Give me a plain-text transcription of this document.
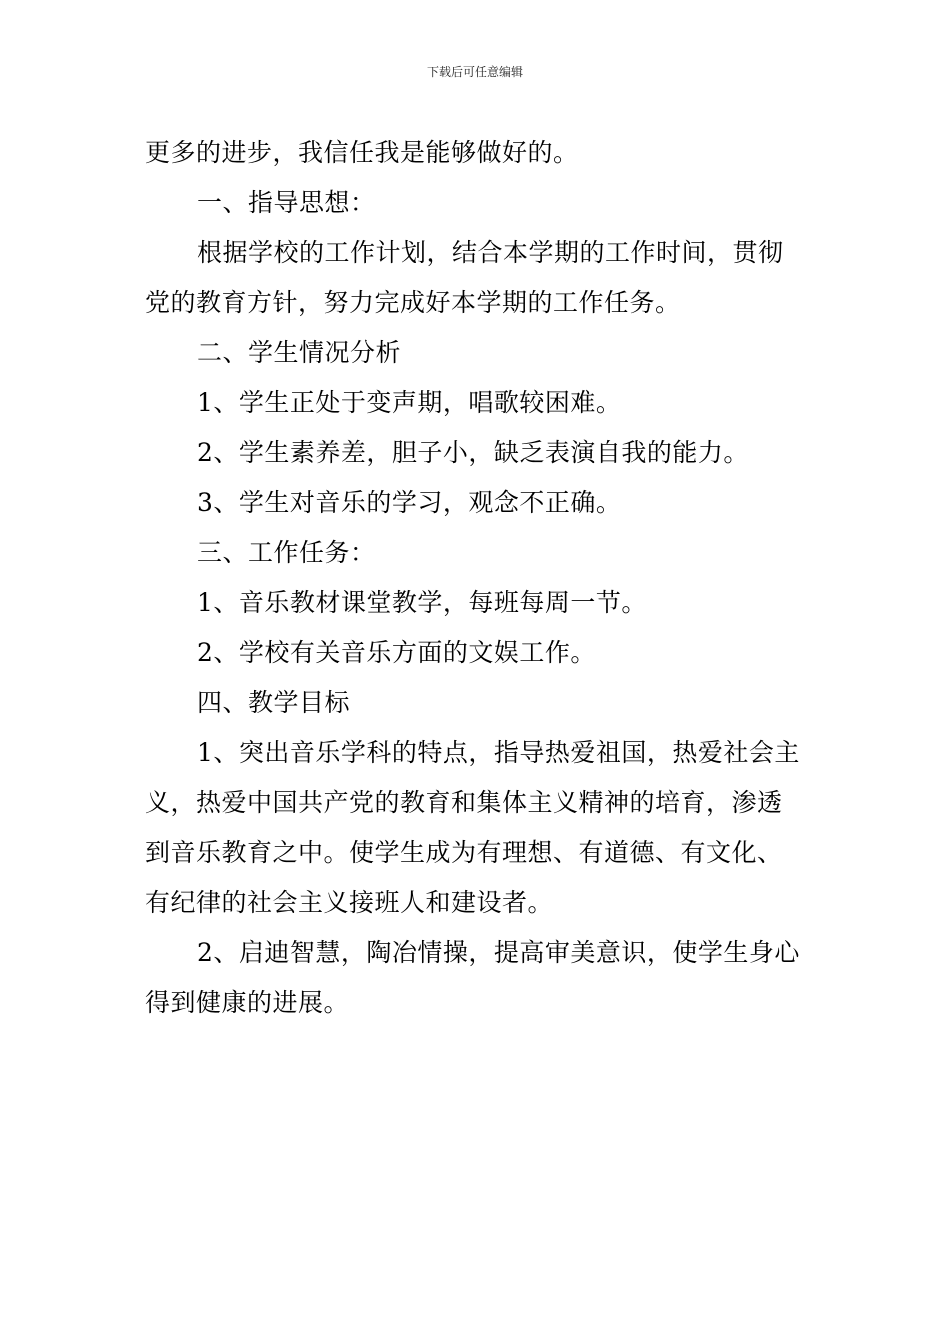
下载后可任意编辑

更多的进步，我信任我是能够做好的。

一、指导思想：

根据学校的工作计划，结合本学期的工作时间，贯彻党的教育方针，努力完成好本学期的工作任务。

二、学生情况分析

1、学生正处于变声期，唱歌较困难。

2、学生素养差，胆子小，缺乏表演自我的能力。

3、学生对音乐的学习，观念不正确。

三、工作任务：

1、音乐教材课堂教学，每班每周一节。

2、学校有关音乐方面的文娱工作。

四、教学目标

1、突出音乐学科的特点，指导热爱祖国，热爱社会主义，热爱中国共产党的教育和集体主义精神的培育，渗透到音乐教育之中。使学生成为有理想、有道德、有文化、有纪律的社会主义接班人和建设者。

2、启迪智慧，陶冶情操，提高审美意识，使学生身心得到健康的进展。
